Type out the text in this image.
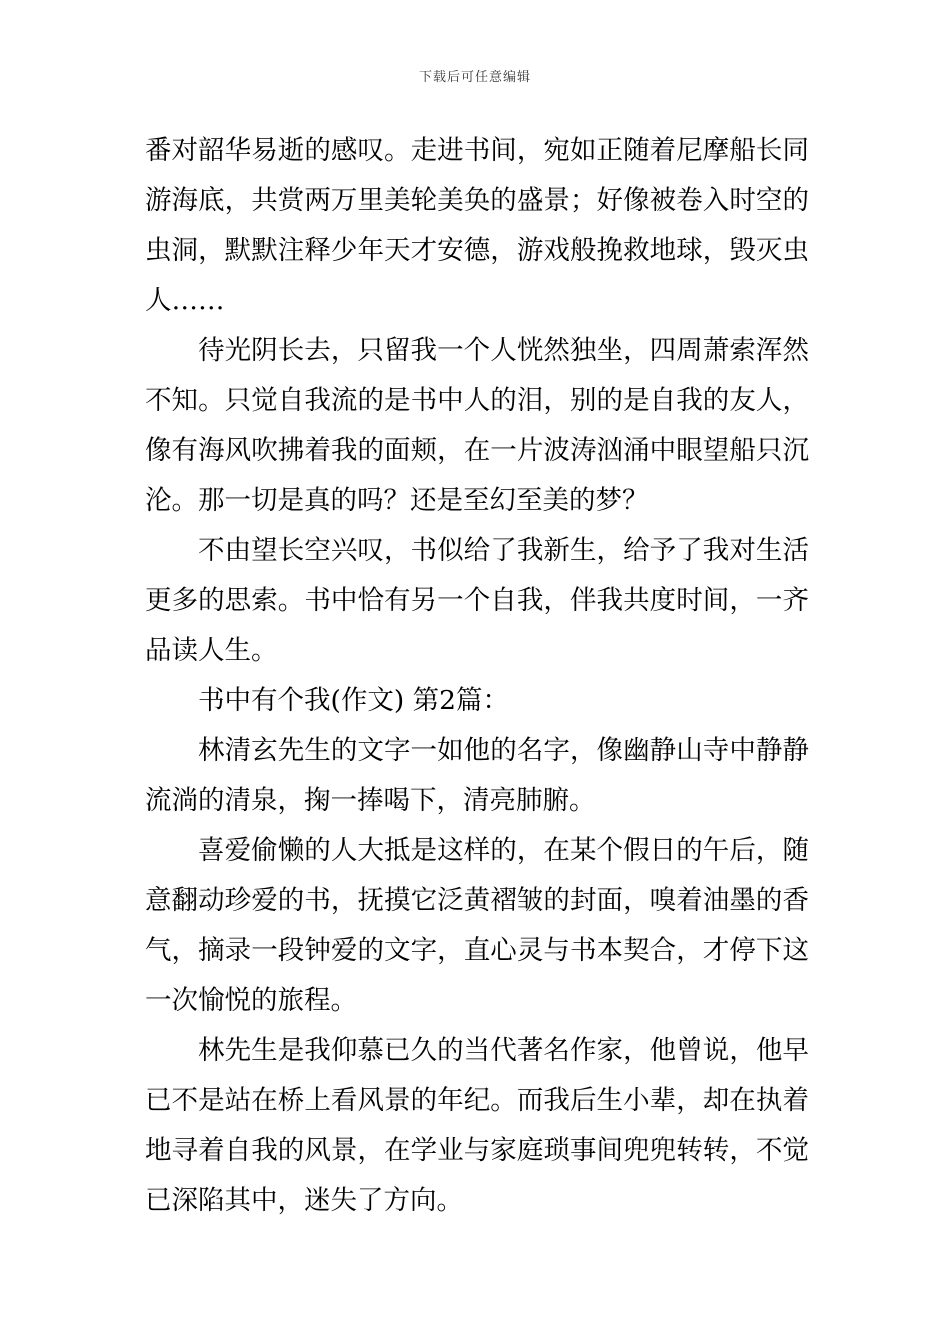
下载后可任意编辑

番对韶华易逝的感叹。走进书间，宛如正随着尼摩船长同游海底，共赏两万里美轮美奂的盛景；好像被卷入时空的虫洞，默默注释少年天才安德，游戏般挽救地球，毁灭虫人……

待光阴长去，只留我一个人恍然独坐，四周萧索浑然不知。只觉自我流的是书中人的泪，别的是自我的友人，像有海风吹拂着我的面颊，在一片波涛汹涌中眼望船只沉沦。那一切是真的吗？还是至幻至美的梦？

不由望长空兴叹，书似给了我新生，给予了我对生活更多的思索。书中恰有另一个自我，伴我共度时间，一齐品读人生。

书中有个我(作文) 第2篇：

林清玄先生的文字一如他的名字，像幽静山寺中静静流淌的清泉，掬一捧喝下，清亮肺腑。

喜爱偷懒的人大抵是这样的，在某个假日的午后，随意翻动珍爱的书，抚摸它泛黄褶皱的封面，嗅着油墨的香气，摘录一段钟爱的文字，直心灵与书本契合，才停下这一次愉悦的旅程。

林先生是我仰慕已久的当代著名作家，他曾说，他早已不是站在桥上看风景的年纪。而我后生小辈，却在执着地寻着自我的风景，在学业与家庭琐事间兜兜转转，不觉已深陷其中，迷失了方向。
